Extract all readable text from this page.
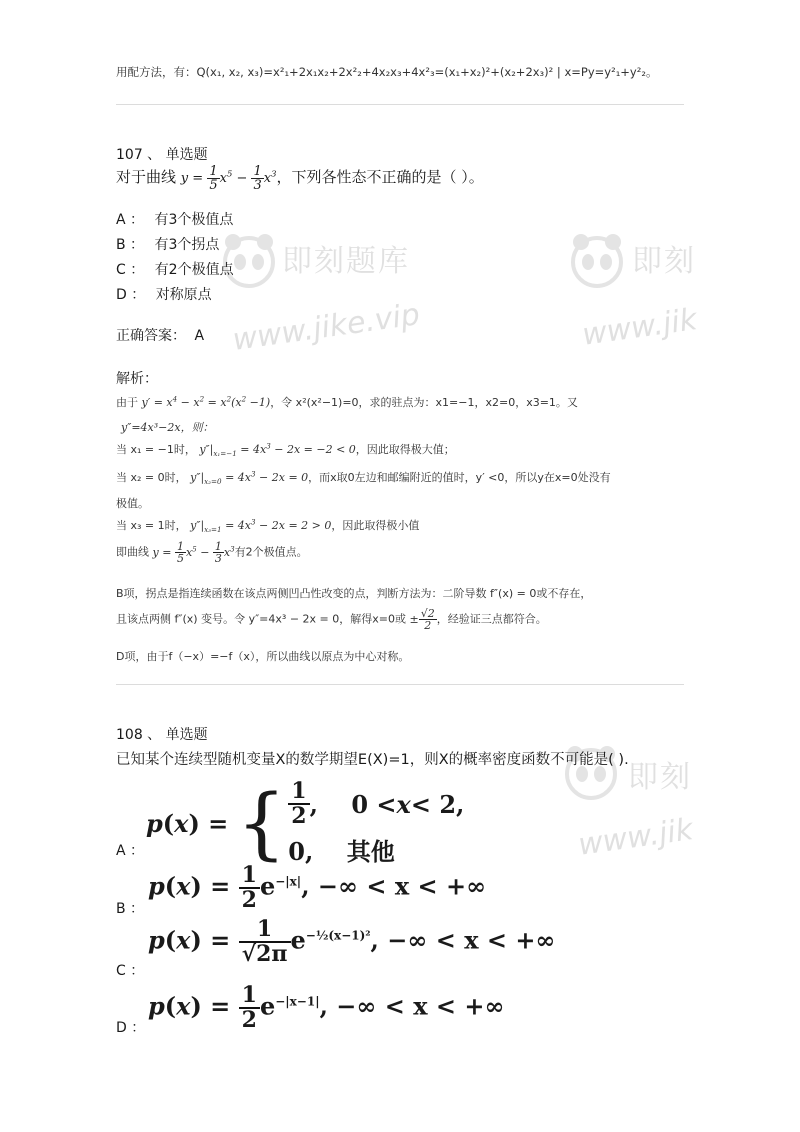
即刻题库
www.jike.vip
即刻
www.jik
即刻
www.jik
用配方法，有：Q(x₁, x₂, x₃)=x²₁+2x₁x₂+2x²₂+4x₂x₃+4x²₃=(x₁+x₂)²+(x₂+2x₃)² | x=Py=y²₁+y²₂。
107 、 单选题
对于曲线 $y = \frac{1}{5} x^5 - \frac{1}{3} x^3$，下列各性态不正确的是（ ）。
A ： 有3个极值点
B ： 有3个拐点
C ： 有2个极值点
D ： 对称原点
正确答案： A
解析：
由于 $y' = x^4 - x^2 = x^2(x^2 -1)$，令 x²(x²−1)=0，求的驻点为：x1=−1，x2=0，x3=1。又
y″=4x³−2x，则：
当 x₁ = −1时， $y''|_{x_1=-1} = 4x^3 - 2x = -2 < 0$，因此取得极大值；
当 x₂ = 0时， $y''|_{x_2=0} = 4x^3 - 2x = 0$，而x取0左边和邮编附近的值时，y′ <0，所以y在x=0处没有
极值。
当 x₃ = 1时， $y''|_{x_3=1} = 4x^3 - 2x = 2 > 0$，因此取得极小值
即曲线 $y = \frac{1}{5} x^5 - \frac{1}{3} x^3$有2个极值点。
B项，拐点是指连续函数在该点两侧凹凸性改变的点，判断方法为：二阶导数 f″(x) = 0或不存在，
且该点两侧 f″(x) 变号。令 y″=4x³ − 2x = 0，解得x=0或 ± $\frac{√2}{2}$ ，经验证三点都符合。
D项，由于f（−x）=−f（x），所以曲线以原点为中心对称。
108 、 单选题
已知某个连续型随机变量X的数学期望E(X)=1，则X的概率密度函数不可能是( ).
A ：
p ( x ) = { 1
2 ,    0 < x < 2,
0,    其他
B ：
$p(x) = \frac{1}{2} e^{-|x|}$, −∞ < x < +∞
C ：
$p(x) = \frac{1}{√2\pi} e^{-\frac{1}{2}(x-1)^2}$, −∞ < x < +∞
D ：
$p(x) = \frac{1}{2} e^{-|x-1|}$, −∞ < x < +∞
